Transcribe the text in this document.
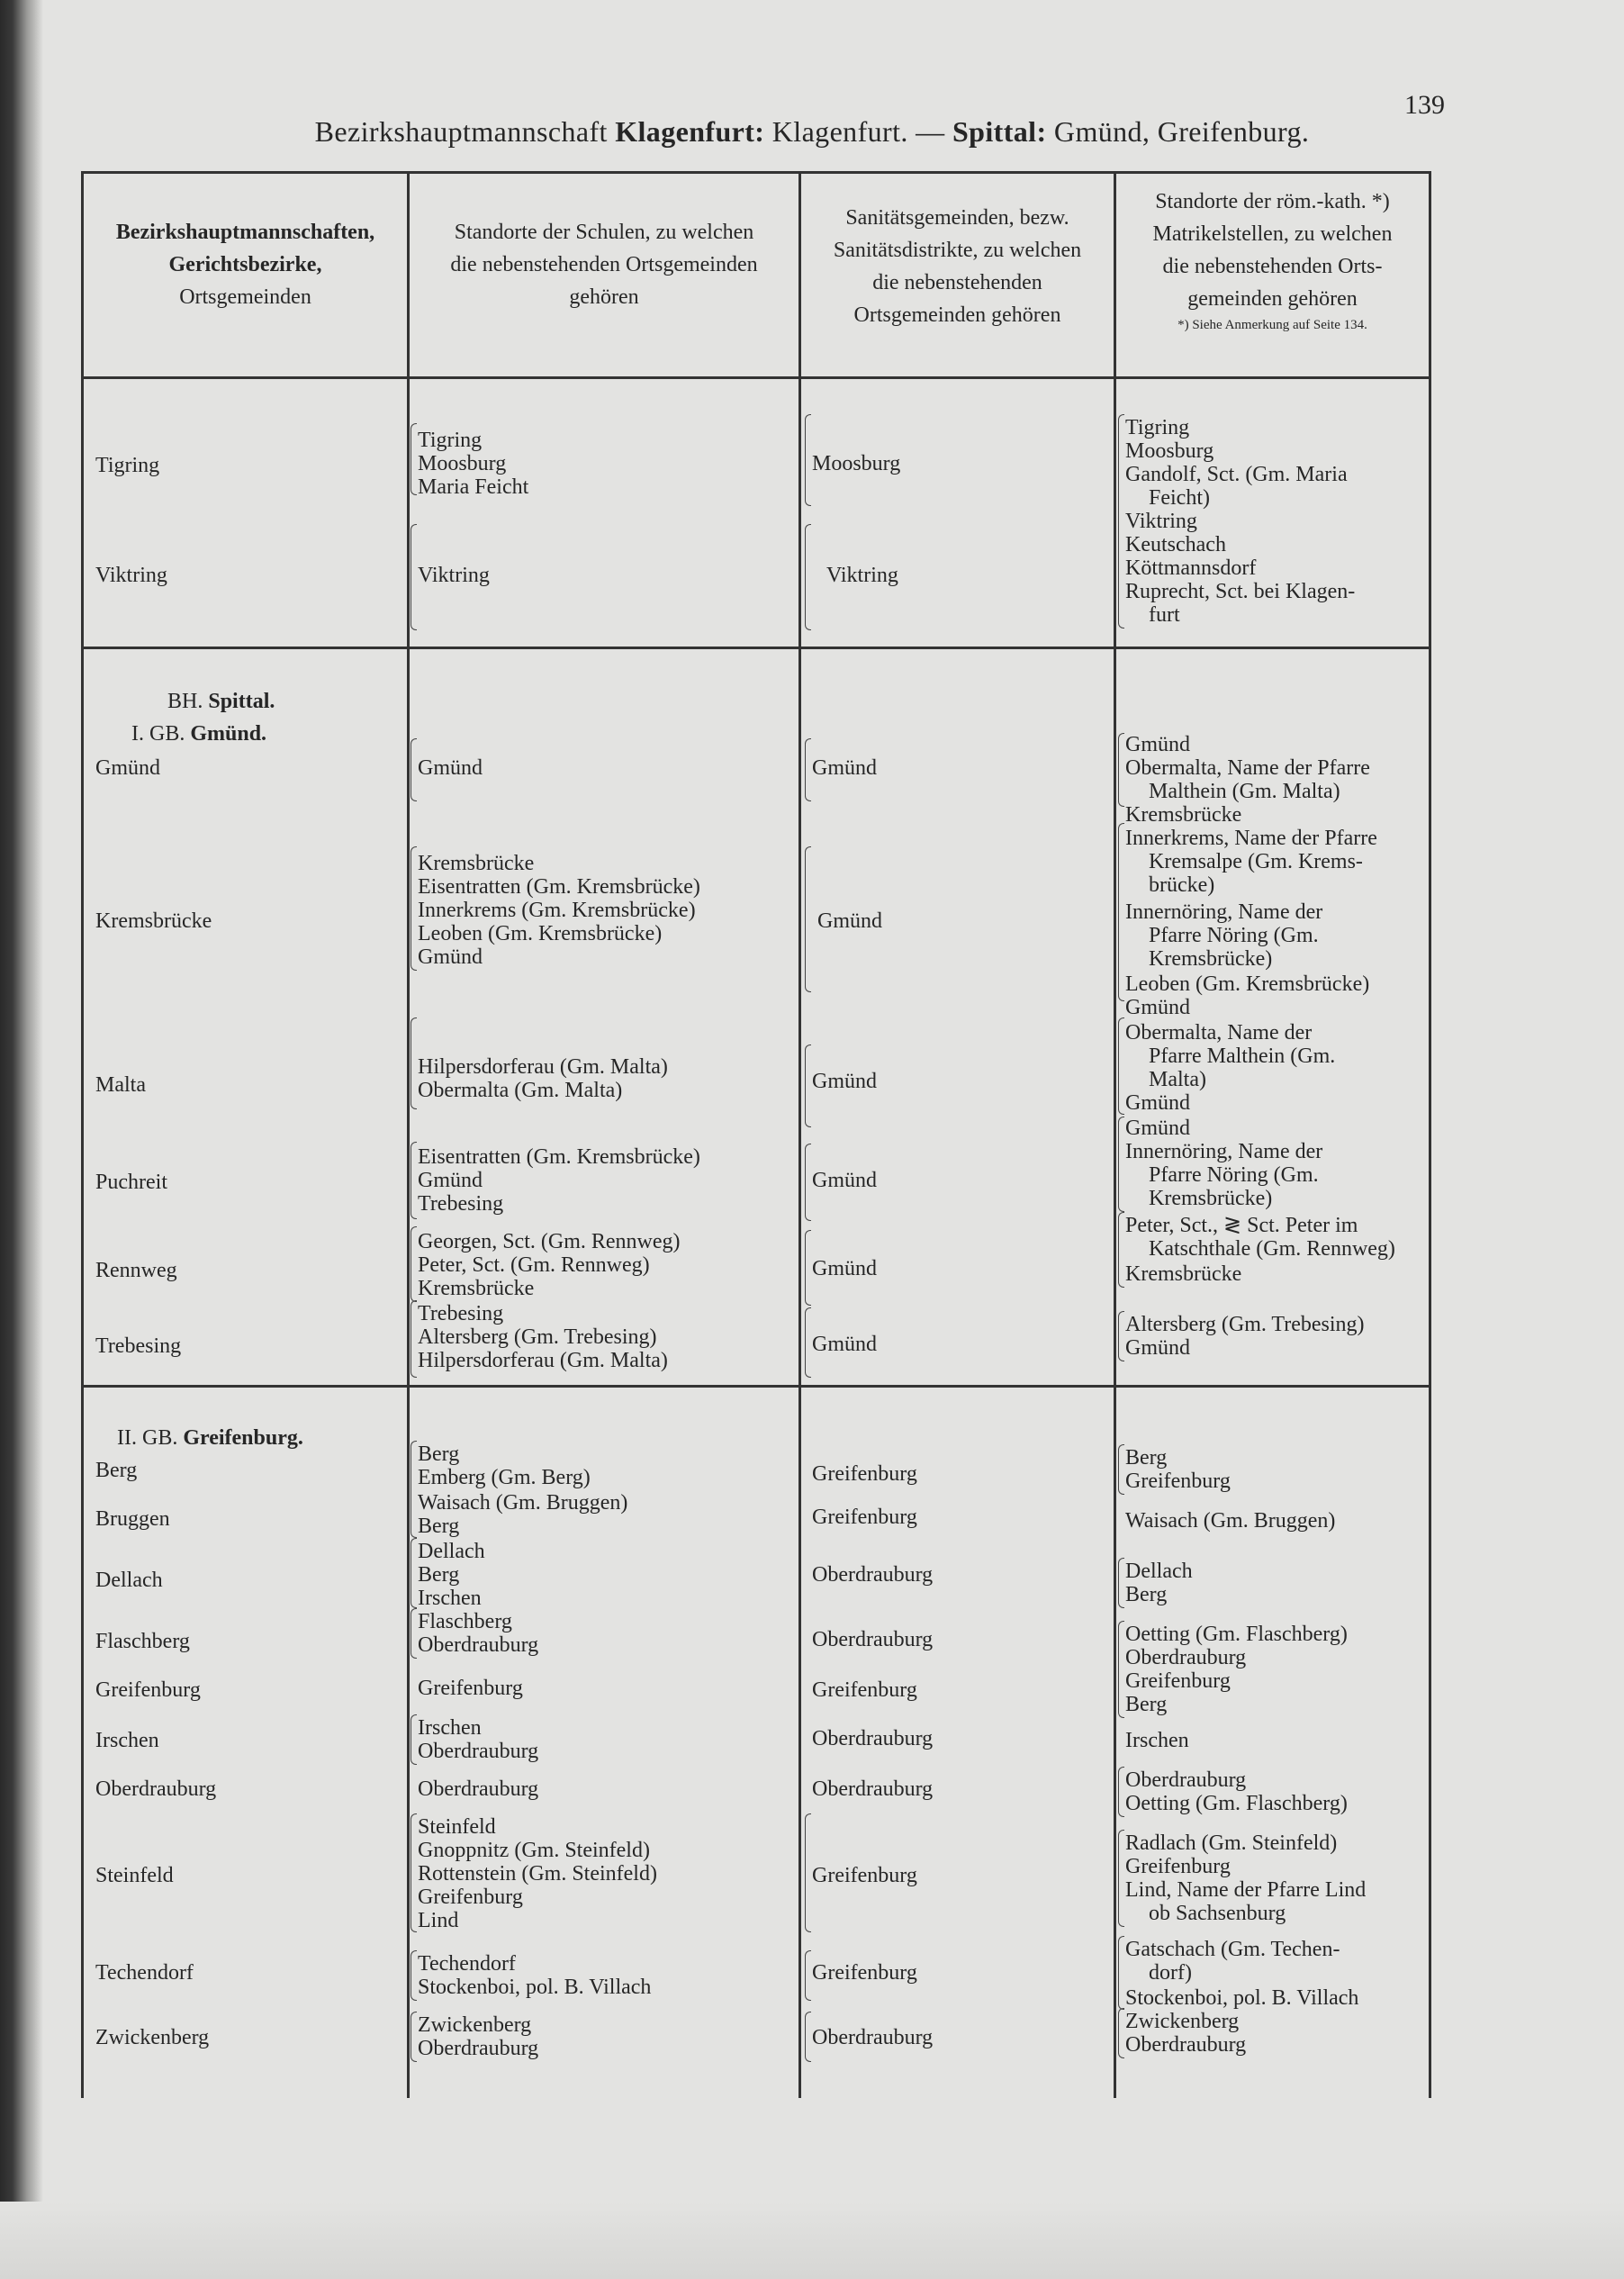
139
Bezirkshauptmannschaft Klagenfurt: Klagenfurt. — Spittal: Gmünd, Greifenburg.
Bezirkshauptmannschaften,
Gerichtsbezirke,
Ortsgemeinden
Standorte der Schulen, zu welchen
die nebenstehenden Ortsgemeinden
gehören
Sanitätsgemeinden, bezw.
Sanitätsdistrikte, zu welchen
die nebenstehenden
Ortsgemeinden gehören
Standorte der röm.-kath. *)
Matrikelstellen, zu welchen
die nebenstehenden Orts-
gemeinden gehören
*) Siehe Anmerkung auf Seite 134.
Tigring
Viktring
Tigring
Moosburg
Maria Feicht
Viktring
Moosburg
Viktring
Tigring
Moosburg
Gandolf, Sct. (Gm. Maria
Feicht)
Viktring
Keutschach
Köttmannsdorf
Ruprecht, Sct. bei Klagen-
furt
BH. Spittal.
I. GB. Gmünd.
Gmünd
Kremsbrücke
Malta
Puchreit
Rennweg
Trebesing
Gmünd
Kremsbrücke
Eisentratten (Gm. Kremsbrücke)
Innerkrems (Gm. Kremsbrücke)
Leoben (Gm. Kremsbrücke)
Gmünd
Hilpersdorferau (Gm. Malta)
Obermalta (Gm. Malta)
Eisentratten (Gm. Kremsbrücke)
Gmünd
Trebesing
Georgen, Sct. (Gm. Rennweg)
Peter, Sct. (Gm. Rennweg)
Kremsbrücke
Trebesing
Altersberg (Gm. Trebesing)
Hilpersdorferau (Gm. Malta)
Gmünd
Gmünd
Gmünd
Gmünd
Gmünd
Gmünd
Gmünd
Obermalta, Name der Pfarre
Malthein (Gm. Malta)
Kremsbrücke
Innerkrems, Name der Pfarre
Kremsalpe (Gm. Krems-
brücke)
Innernöring, Name der
Pfarre Nöring (Gm.
Kremsbrücke)
Leoben (Gm. Kremsbrücke)
Gmünd
Obermalta, Name der
Pfarre Malthein (Gm.
Malta)
Gmünd
Gmünd
Innernöring, Name der
Pfarre Nöring (Gm.
Kremsbrücke)
Peter, Sct., ≷ Sct. Peter im
Katschthale (Gm. Rennweg)
Kremsbrücke
Altersberg (Gm. Trebesing)
Gmünd
II. GB. Greifenburg.
Berg
Bruggen
Dellach
Flaschberg
Greifenburg
Irschen
Oberdrauburg
Steinfeld
Techendorf
Zwickenberg
Berg
Emberg (Gm. Berg)
Waisach (Gm. Bruggen)
Berg
Dellach
Berg
Irschen
Flaschberg
Oberdrauburg
Greifenburg
Irschen
Oberdrauburg
Oberdrauburg
Steinfeld
Gnoppnitz (Gm. Steinfeld)
Rottenstein (Gm. Steinfeld)
Greifenburg
Lind
Techendorf
Stockenboi, pol. B. Villach
Zwickenberg
Oberdrauburg
Greifenburg
Greifenburg
Oberdrauburg
Oberdrauburg
Greifenburg
Oberdrauburg
Oberdrauburg
Greifenburg
Greifenburg
Oberdrauburg
Berg
Greifenburg
Waisach (Gm. Bruggen)
Dellach
Berg
Oetting (Gm. Flaschberg)
Oberdrauburg
Greifenburg
Berg
Irschen
Oberdrauburg
Oetting (Gm. Flaschberg)
Radlach (Gm. Steinfeld)
Greifenburg
Lind, Name der Pfarre Lind
ob Sachsenburg
Gatschach (Gm. Techen-
dorf)
Stockenboi, pol. B. Villach
Zwickenberg
Oberdrauburg
